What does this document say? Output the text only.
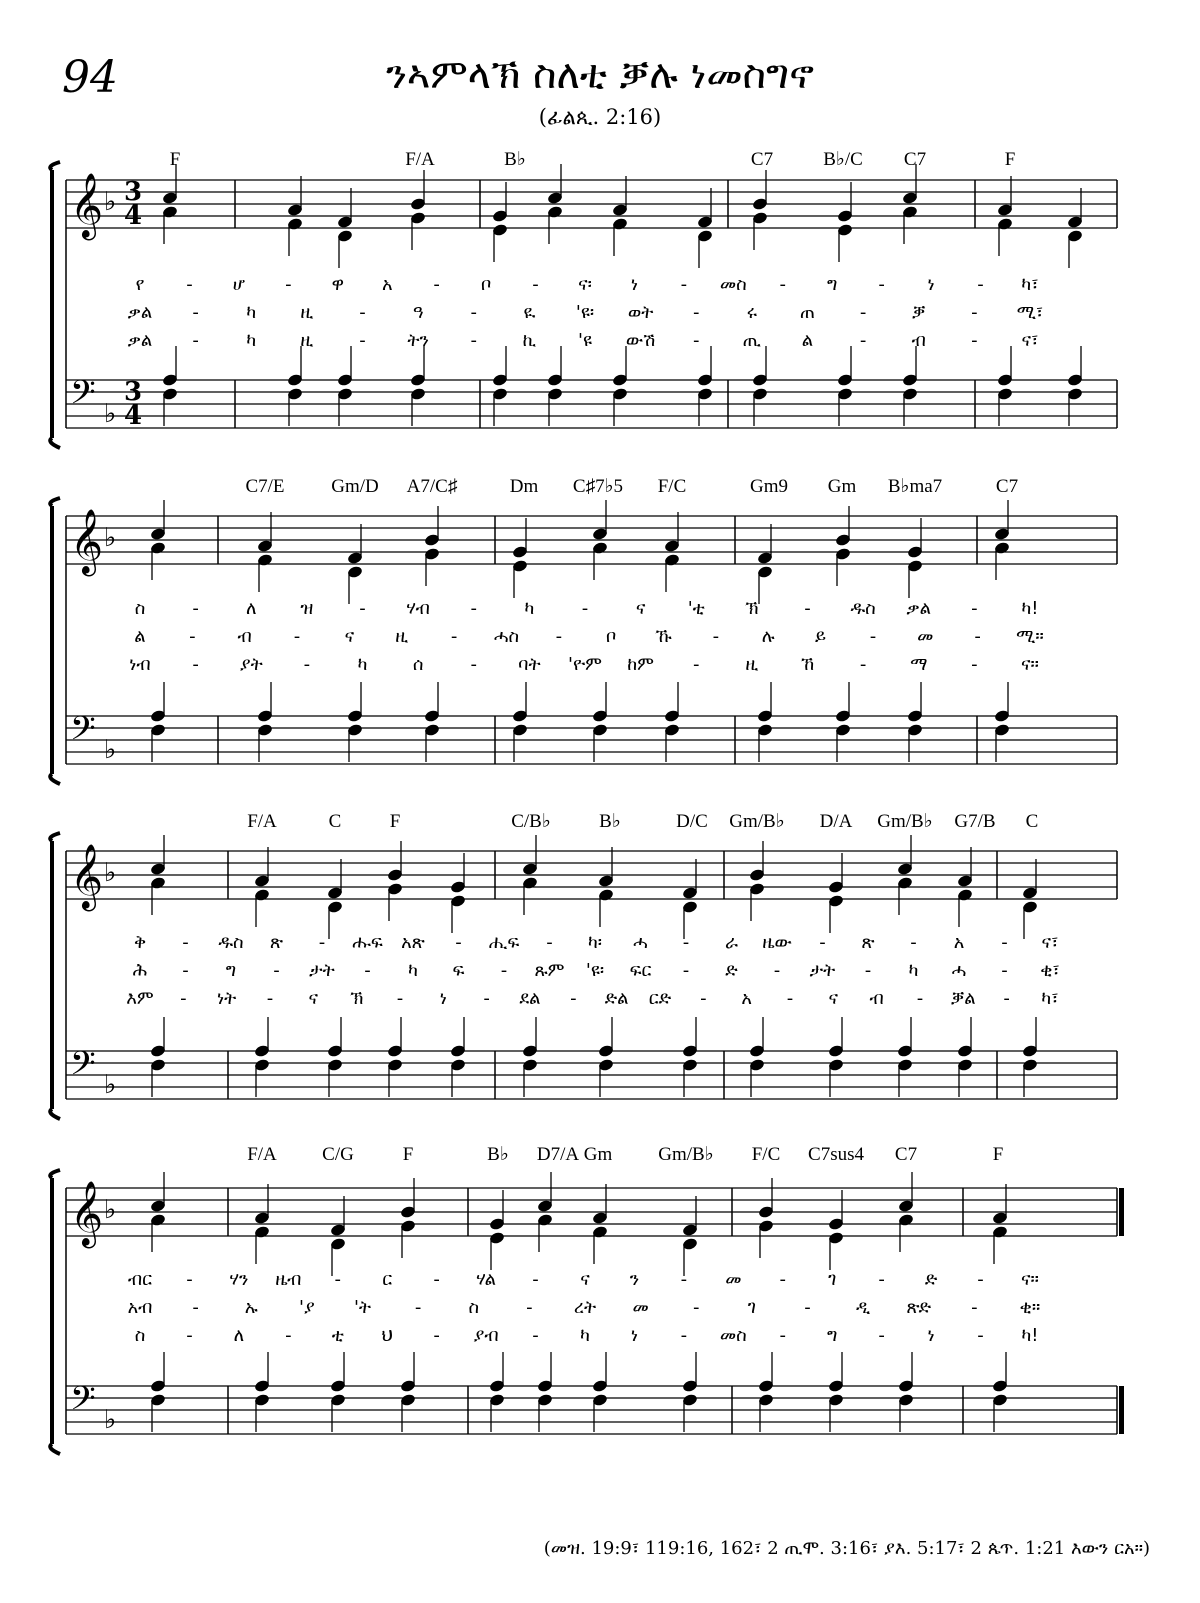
94	ንኣምላኽ ስለቲ ቓሉ ነመስግኖ
(ፊልጲ. 2:16)
𝄞 ♭ 3
4
𝄢 ♭
3
4
F	F/A	B♭	C7	B♭/C C7	F
የ - ሆ - ዋ አ - ቦ - ና፡ ነ - መስ - ግ - ነ - ካ፣
ቃል -	ካ ዚ	-	ዓ	-	ዪ 'ዩ፡ ወት -	ሩ ጠ -	ቓ	- ሚ፣
ቃል -	ካ ዚ	- ትን -	ኪ 'ዩ ውሽ - ጢ ል	-	ብ	- ና፣
𝄞 ♭
𝄢 ♭
C7/E Gm/D A7/C♯	Dm C♯7♭5 F/C	Gm9 Gm B♭ma7	C7
ስ	-	ለ ዝ	- ሃብ -	ካ	-	ና 'ቲ ኽ	- ዱስ ቃል - ካ!
ል - ብ - ና ዚ - ሓስ - ቦ ኹ - ሉ ይ - መ - ሚ።
ነብ - ያት -	ካ	ሰ	- ባት 'ዮም ከም -	ዚ ኸ	- ማ - ና።
𝄞 ♭
𝄢 ♭
F/A	C	F	C/B♭	B♭	D/C Gm/B♭ D/A Gm/B♭ G7/B C
ቅ - ዱስ ጽ - ሑፍ አጽ - ሒፍ - ካ፡ ሓ - ራ ዜው - ጽ - አ - ና፣
ሕ - ግ - ታት - ካ ፍ - ጹም 'ዩ፡ ፍር - ድ - ታት - ካ ሓ - ቂ፣
እም - ነት - ና ኽ - ነ - ደል - ድል ርድ - አ - ና ብ - ቓል - ካ፣
𝄞 ♭
𝄢 ♭
F/A C/G	F	B♭ D7/A Gm Gm/B♭ F/C C7sus4 C7	F
ብር - ሃን ዜብ - ር - ሃል - ና ን - መ - ገ - ድ - ና።
አብ -	ኡ 'ያ 'ት -	ስ	- ረት መ -	ገ	-	ዲ ጽድ - ቂ።
ስ - ለ - ቲ ህ - ያብ - ካ ነ - መስ - ግ - ነ - ካ!
(መዝ. 19:9፣ 119:16, 162፣ 2 ጢሞ. 3:16፣ ያእ. 5:17፣ 2 ጴጥ. 1:21 እውን ርአ።)
